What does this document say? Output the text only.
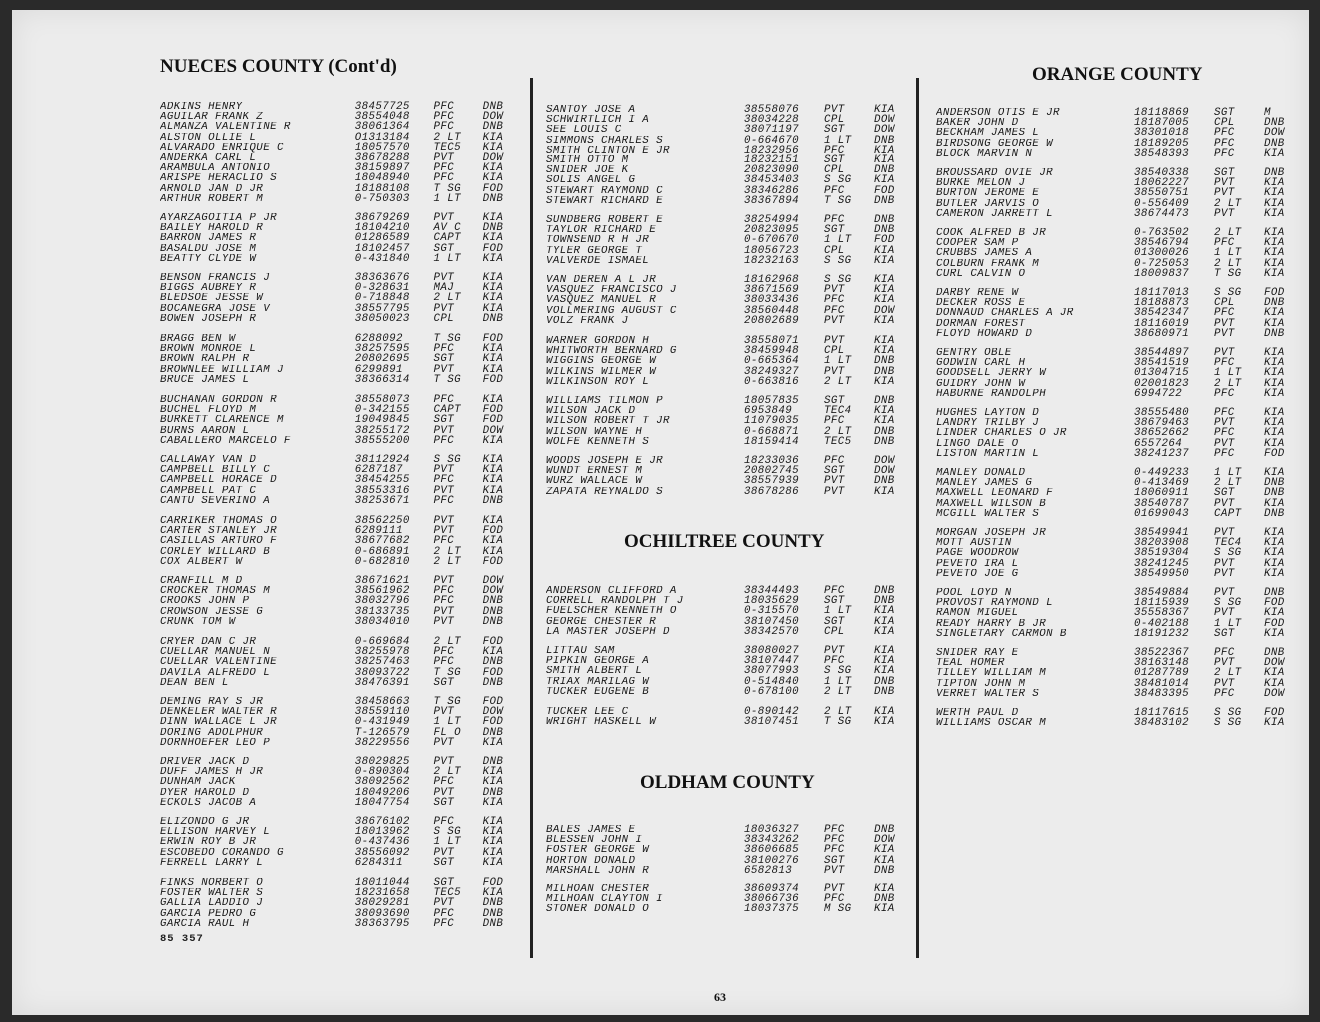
NUECES COUNTY (Cont'd)
ADKINS HENRY	38457725	PFC	DNB
AGUILAR FRANK Z	38554048	PFC	DOW
ALMANZA VALENTINE R	38061364	PFC	DNB
ALSTON OLLIE L	O1313184	2 LT	KIA
ALVARADO ENRIQUE C	18057570	TEC5	KIA
ANDERKA CARL L	38678288	PVT	DOW
ARAMBULA ANTONIO	38159897	PFC	KIA
ARISPE HERACLIO S	18048940	PFC	KIA
ARNOLD JAN D JR	18188108	T SG	FOD
ARTHUR ROBERT M	0-750303	1 LT	DNB
AYARZAGOITIA P JR	38679269	PVT	KIA
BAILEY HAROLD R	18104210	AV C	DNB
BARRON JAMES R	01286589	CAPT	KIA
BASALDU JOSE M	18102457	SGT	FOD
BEATTY CLYDE W	0-431840	1 LT	KIA
BENSON FRANCIS J	38363676	PVT	KIA
BIGGS AUBREY R	0-328631	MAJ	KIA
BLEDSOE JESSE W	0-718848	2 LT	KIA
BOCANEGRA JOSE V	38557795	PVT	KIA
BOWEN JOSEPH R	38050023	CPL	DNB
BRAGG BEN W	6288092	T SG	FOD
BROWN MONROE L	38257595	PFC	KIA
BROWN RALPH R	20802695	SGT	KIA
BROWNLEE WILLIAM J	6299891	PVT	KIA
BRUCE JAMES L	38366314	T SG	FOD
BUCHANAN GORDON R	38558073	PFC	KIA
BUCHEL FLOYD M	0-342155	CAPT	FOD
BURKETT CLARENCE M	19049845	SGT	FOD
BURNS AARON L	38255172	PVT	DOW
CABALLERO MARCELO F	38555200	PFC	KIA
CALLAWAY VAN D	38112924	S SG	KIA
CAMPBELL BILLY C	6287187	PVT	KIA
CAMPBELL HORACE D	38454255	PFC	KIA
CAMPBELL PAT C	38553316	PVT	KIA
CANTU SEVERINO A	38253671	PFC	DNB
CARRIKER THOMAS O	38562250	PVT	KIA
CARTER STANLEY JR	6289111	PVT	FOD
CASILLAS ARTURO F	38677682	PFC	KIA
CORLEY WILLARD B	0-686891	2 LT	KIA
COX ALBERT W	0-682810	2 LT	FOD
CRANFILL M D	38671621	PVT	DOW
CROCKER THOMAS M	38561962	PFC	DOW
CROOKS JOHN P	38032796	PFC	DNB
CROWSON JESSE G	38133735	PVT	DNB
CRUNK TOM W	38034010	PVT	DNB
CRYER DAN C JR	0-669684	2 LT	FOD
CUELLAR MANUEL N	38255978	PFC	KIA
CUELLAR VALENTINE	38257463	PFC	DNB
DAVILA ALFREDO L	38093722	T SG	FOD
DEAN BEN L	38476391	SGT	DNB
DEMING RAY S JR	38458663	T SG	FOD
DENKELER WALTER R	38559110	PVT	DOW
DINN WALLACE L JR	0-431949	1 LT	FOD
DORING ADOLPHUR	T-126579	FL O	DNB
DORNHOEFER LEO P	38229556	PVT	KIA
DRIVER JACK D	38029825	PVT	DNB
DUFF JAMES H JR	0-890304	2 LT	KIA
DUNHAM JACK	38092562	PFC	KIA
DYER HAROLD D	18049206	PVT	DNB
ECKOLS JACOB A	18047754	SGT	KIA
ELIZONDO G JR	38676102	PFC	KIA
ELLISON HARVEY L	18013962	S SG	KIA
ERWIN ROY B JR	0-437436	1 LT	KIA
ESCOBEDO CORANDO G	38556092	PVT	KIA
FERRELL LARRY L	6284311	SGT	KIA
FINKS NORBERT O	18011044	SGT	FOD
FOSTER WALTER S	18231658	TEC5	KIA
GALLIA LADDIO J	38029281	PVT	DNB
GARCIA PEDRO G	38093690	PFC	DNB
GARCIA RAUL H	38363795	PFC	DNB
SANTOY JOSE A	38558076	PVT	KIA
SCHWIRTLICH I A	38034228	CPL	DOW
SEE LOUIS C	38071197	SGT	DOW
SIMMONS CHARLES S	0-664670	1 LT	DNB
SMITH CLINTON E JR	18232956	PFC	KIA
SMITH OTTO M	18232151	SGT	KIA
SNIDER JOE K	20823090	CPL	DNB
SOLIS ANGEL G	38453403	S SG	KIA
STEWART RAYMOND C	38346286	PFC	FOD
STEWART RICHARD E	38367894	T SG	DNB
SUNDBERG ROBERT E	38254994	PFC	DNB
TAYLOR RICHARD E	20823095	SGT	DNB
TOWNSEND R H JR	0-670670	1 LT	FOD
TYLER GEORGE T	18056723	CPL	KIA
VALVERDE ISMAEL	18232163	S SG	KIA
VAN DEREN A L JR	18162968	S SG	KIA
VASQUEZ FRANCISCO J	38671569	PVT	KIA
VASQUEZ MANUEL R	38033436	PFC	KIA
VOLLMERING AUGUST C	38560448	PFC	DOW
VOLZ FRANK J	20802689	PVT	KIA
WARNER GORDON H	38558071	PVT	KIA
WHITWORTH BERNARD G	38459948	CPL	KIA
WIGGINS GEORGE W	0-665364	1 LT	DNB
WILKINS WILMER W	38249327	PVT	DNB
WILKINSON ROY L	0-663816	2 LT	KIA
WILLIAMS TILMON P	18057835	SGT	DNB
WILSON JACK D	6953849	TEC4	KIA
WILSON ROBERT T JR	11079035	PFC	KIA
WILSON WAYNE H	0-668871	2 LT	DNB
WOLFE KENNETH S	18159414	TEC5	DNB
WOODS JOSEPH E JR	18233036	PFC	DOW
WUNDT ERNEST M	20802745	SGT	DOW
WURZ WALLACE W	38557939	PVT	DNB
ZAPATA REYNALDO S	38678286	PVT	KIA
OCHILTREE COUNTY
ANDERSON CLIFFORD A	38344493	PFC	DNB
CORRELL RANDOLPH T J	18035629	SGT	DNB
FUELSCHER KENNETH O	0-315570	1 LT	KIA
GEORGE CHESTER R	38107450	SGT	KIA
LA MASTER JOSEPH D	38342570	CPL	KIA
LITTAU SAM	38080027	PVT	KIA
PIPKIN GEORGE A	38107447	PFC	KIA
SMITH ALBERT L	38077993	S SG	KIA
TRIAX MARILAG W	0-514840	1 LT	DNB
TUCKER EUGENE B	0-678100	2 LT	DNB
TUCKER LEE C	0-890142	2 LT	KIA
WRIGHT HASKELL W	38107451	T SG	KIA
OLDHAM COUNTY
BALES JAMES E	18036327	PFC	DNB
BLESSEN JOHN I	38343262	PFC	DOW
FOSTER GEORGE W	38606685	PFC	KIA
HORTON DONALD	38100276	SGT	KIA
MARSHALL JOHN R	6582813	PVT	DNB
MILHOAN CHESTER	38609374	PVT	KIA
MILHOAN CLAYTON I	38066736	PFC	DNB
STONER DONALD O	18037375	M SG	KIA
ORANGE COUNTY
ANDERSON OTIS E JR	18118869	SGT	M
BAKER JOHN D	18187005	CPL	DNB
BECKHAM JAMES L	38301018	PFC	DOW
BIRDSONG GEORGE W	18189205	PFC	DNB
BLOCK MARVIN N	38548393	PFC	KIA
BROUSSARD OVIE JR	38540338	SGT	DNB
BURKE MELON J	18062227	PVT	KIA
BURTON JEROME E	38550751	PVT	KIA
BUTLER JARVIS O	0-556409	2 LT	KIA
CAMERON JARRETT L	38674473	PVT	KIA
COOK ALFRED B JR	0-763502	2 LT	KIA
COOPER SAM P	38546794	PFC	KIA
CRUBBS JAMES A	01300026	1 LT	KIA
COLBURN FRANK M	0-725053	2 LT	KIA
CURL CALVIN O	18009837	T SG	KIA
DARBY RENE W	18117013	S SG	FOD
DECKER ROSS E	18188873	CPL	DNB
DONNAUD CHARLES A JR	38542347	PFC	KIA
DORMAN FOREST	18116019	PVT	KIA
FLOYD HOWARD D	38680971	PVT	DNB
GENTRY OBLE	38544897	PVT	KIA
GODWIN CARL H	38541519	PFC	KIA
GOODSELL JERRY W	01304715	1 LT	KIA
GUIDRY JOHN W	02001823	2 LT	KIA
HABURNE RANDOLPH	6994722	PFC	KIA
HUGHES LAYTON D	38555480	PFC	KIA
LANDRY TRILBY J	38679463	PVT	KIA
LINDER CHARLES O JR	38652662	PFC	KIA
LINGO DALE O	6557264	PVT	KIA
LISTON MARTIN L	38241237	PFC	FOD
MANLEY DONALD	0-449233	1 LT	KIA
MANLEY JAMES G	0-413469	2 LT	DNB
MAXWELL LEONARD F	18060911	SGT	DNB
MAXWELL WILSON B	38540787	PVT	KIA
MCGILL WALTER S	01699043	CAPT	DNB
MORGAN JOSEPH JR	38549941	PVT	KIA
MOTT AUSTIN	38203908	TEC4	KIA
PAGE WOODROW	38519304	S SG	KIA
PEVETO IRA L	38241245	PVT	KIA
PEVETO JOE G	38549950	PVT	KIA
POOL LOYD N	38549884	PVT	DNB
PROVOST RAYMOND L	18115939	S SG	FOD
RAMON MIGUEL	35558367	PVT	KIA
READY HARRY B JR	0-402188	1 LT	FOD
SINGLETARY CARMON B	18191232	SGT	KIA
SNIDER RAY E	38522367	PFC	DNB
TEAL HOMER	38163148	PVT	DOW
TILLEY WILLIAM M	01287789	2 LT	KIA
TIPTON JOHN M	38481014	PVT	KIA
VERRET WALTER S	38483395	PFC	DOW
WERTH PAUL D	18117615	S SG	FOD
WILLIAMS OSCAR M	38483102	S SG	KIA
85 357
63
